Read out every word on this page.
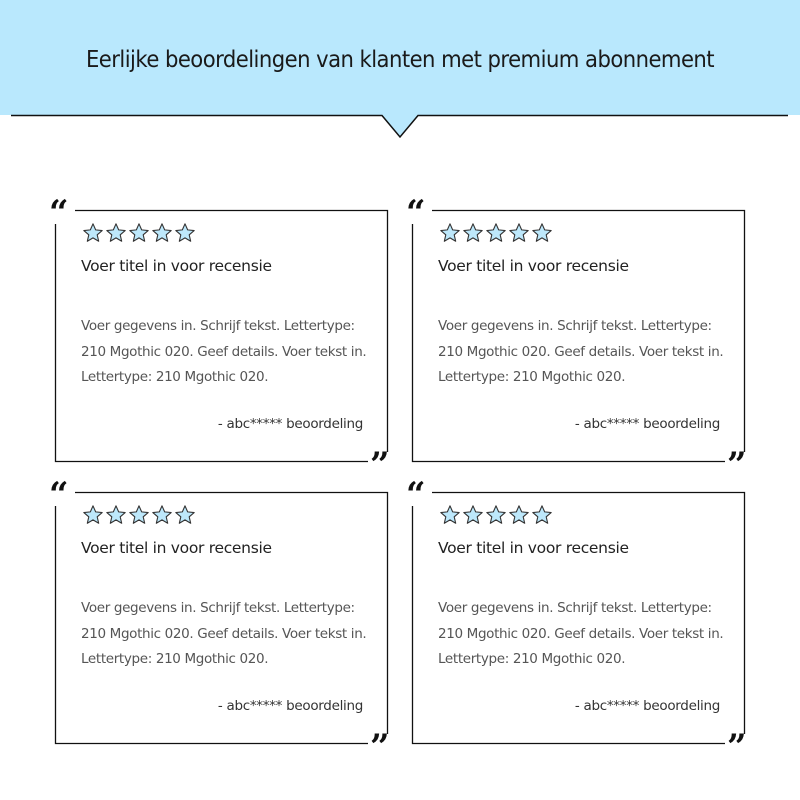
Eerlijke beoordelingen van klanten met premium abonnement
“
”
Voer titel in voor recensie
Voer gegevens in. Schrijf tekst. Lettertype: 210 Mgothic 020. Geef details. Voer tekst in. Lettertype: 210 Mgothic 020.
- abc***** beoordeling
“
”
Voer titel in voor recensie
Voer gegevens in. Schrijf tekst. Lettertype: 210 Mgothic 020. Geef details. Voer tekst in. Lettertype: 210 Mgothic 020.
- abc***** beoordeling
“
”
Voer titel in voor recensie
Voer gegevens in. Schrijf tekst. Lettertype: 210 Mgothic 020. Geef details. Voer tekst in. Lettertype: 210 Mgothic 020.
- abc***** beoordeling
“
”
Voer titel in voor recensie
Voer gegevens in. Schrijf tekst. Lettertype: 210 Mgothic 020. Geef details. Voer tekst in. Lettertype: 210 Mgothic 020.
- abc***** beoordeling
